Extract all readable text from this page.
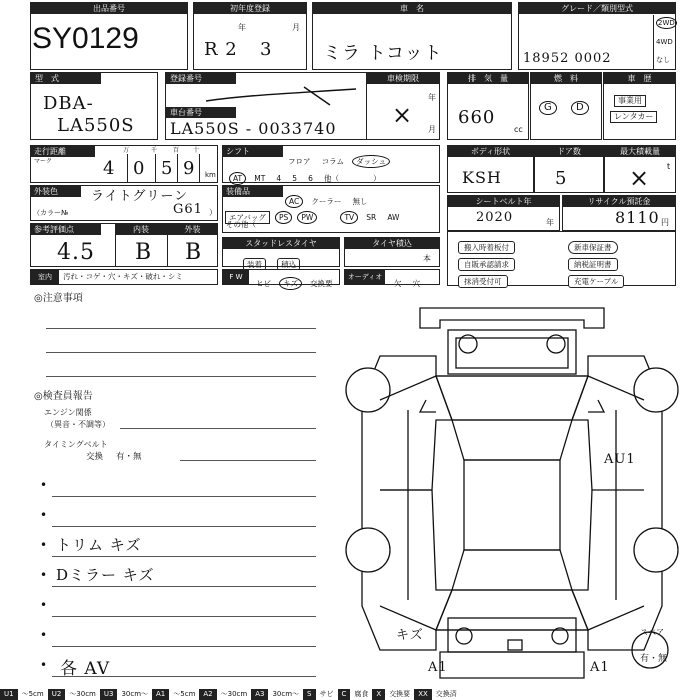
出品番号
SY0129
初年度登録
年	月
R 2 3
車　名
ミラ トコット
グレード／類別型式
18952 0002
2WD
4WD
なし
型　式
DBA-
LA550S
登録番号
車台番号
LA550S - 0033740
車検期限
年
月
×
排　気　量
660
cc
燃　料
G	D
車　歴
事業用
レンタカー
走行距離
マーク
万	千	百 十
4 0 5 9 km
シフト
フロア コラム ダッシュ
AT MT 4 5 6 他（	）
ボディ形状
KSH
ドア数
5
最大積載量
× t
外装色	ライトグリーン
（カラー№	G61 ）
装備品
AC クーラー 無し
エアバッグ PS PW	TV SR AW
その他（
シートベルト年
2020	年
リサイクル預託金
8110 円
参考評価点
4.5
内装
B
外装
B	スタッドレスタイヤ
装着	積込
タイヤ積込
本
搬入時着板付	新車保証書
自販承認請求	納税証明書
抹消受付可	充電ケーブル
室内	汚れ・コゲ・穴・キズ・破れ・シミ	F W
ヒビ キズ 交換要
オーディオ
欠 穴
◎注意事項
◎検査員報告
エンジン関係
（異音・不調等）
タイミングベルト
交換 有・無
•
•
• トリム キズ
• Dミラー キズ
•
•
• 各 AV
AU1
A1	A1
キズ	スペア
有・無
U1	～5cm	U2	～30cm	U3	30cm～	A1	～5cm	A2	～30cm	A3	30cm～	S	サビ	C	腐食	X	交換要	XX	交換済
